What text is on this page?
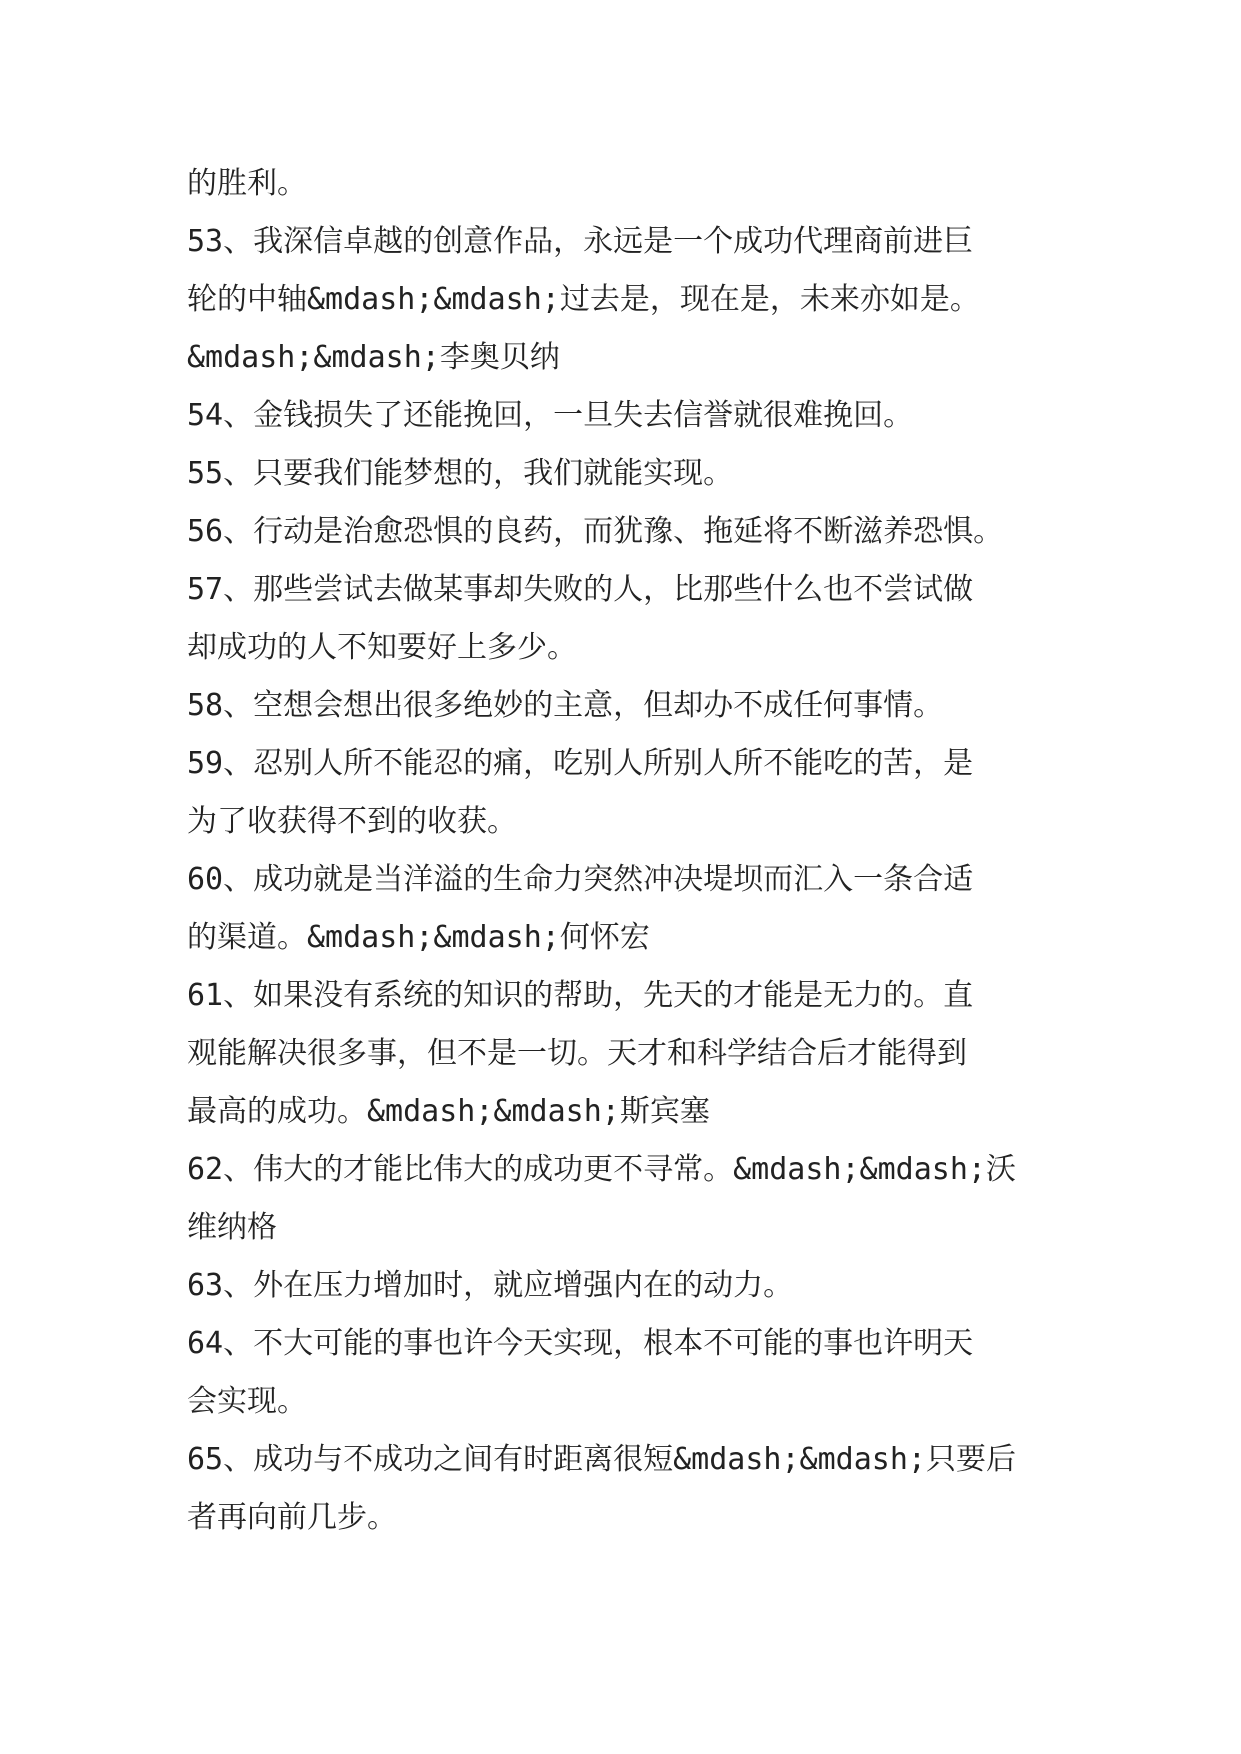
的胜利。
53、我深信卓越的创意作品，永远是一个成功代理商前进巨
轮的中轴&mdash;&mdash;过去是，现在是，未来亦如是。
&mdash;&mdash;李奥贝纳
54、金钱损失了还能挽回，一旦失去信誉就很难挽回。
55、只要我们能梦想的，我们就能实现。
56、行动是治愈恐惧的良药，而犹豫、拖延将不断滋养恐惧。
57、那些尝试去做某事却失败的人，比那些什么也不尝试做
却成功的人不知要好上多少。
58、空想会想出很多绝妙的主意，但却办不成任何事情。
59、忍别人所不能忍的痛，吃别人所别人所不能吃的苦，是
为了收获得不到的收获。
60、成功就是当洋溢的生命力突然冲决堤坝而汇入一条合适
的渠道。&mdash;&mdash;何怀宏
61、如果没有系统的知识的帮助，先天的才能是无力的。直
观能解决很多事，但不是一切。天才和科学结合后才能得到
最高的成功。&mdash;&mdash;斯宾塞
62、伟大的才能比伟大的成功更不寻常。&mdash;&mdash;沃
维纳格
63、外在压力增加时，就应增强内在的动力。
64、不大可能的事也许今天实现，根本不可能的事也许明天
会实现。
65、成功与不成功之间有时距离很短&mdash;&mdash;只要后
者再向前几步。
